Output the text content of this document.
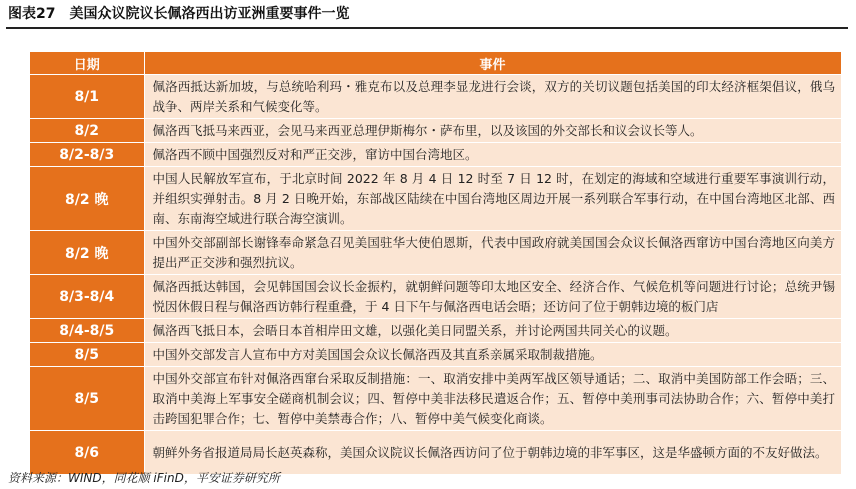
图表27 美国众议院议长佩洛西出访亚洲重要事件一览
日期	事件
8/1	佩洛西抵达新加坡，与总统哈利玛・雅克布以及总理李显龙进行会谈，双方的关切议题包括美国的印太经济框架倡议，俄乌战争、两岸关系和气候变化等。
8/2	佩洛西飞抵马来西亚，会见马来西亚总理伊斯梅尔・萨布里，以及该国的外交部长和议会议长等人。
8/2-8/3	佩洛西不顾中国强烈反对和严正交涉，窜访中国台湾地区。
8/2 晚	中国人民解放军宣布，于北京时间 2022 年 8 月 4 日 12 时至 7 日 12 时，在划定的海域和空域进行重要军事演训行动，并组织实弹射击。8 月 2 日晚开始，东部战区陆续在中国台湾地区周边开展一系列联合军事行动，在中国台湾地区北部、西南、东南海空域进行联合海空演训。
8/2 晚	中国外交部副部长谢锋奉命紧急召见美国驻华大使伯恩斯，代表中国政府就美国国会众议长佩洛西窜访中国台湾地区向美方提出严正交涉和强烈抗议。
8/3-8/4	佩洛西抵达韩国，会见韩国国会议长金振杓，就朝鲜问题等印太地区安全、经济合作、气候危机等问题进行讨论；总统尹锡悦因休假日程与佩洛西访韩行程重叠，于 4 日下午与佩洛西电话会晤；还访问了位于朝韩边境的板门店
8/4-8/5	佩洛西飞抵日本，会晤日本首相岸田文雄，以强化美日同盟关系，并讨论两国共同关心的议题。
8/5	中国外交部发言人宣布中方对美国国会众议长佩洛西及其直系亲属采取制裁措施。
8/5	中国外交部宣布针对佩洛西窜台采取反制措施：一、取消安排中美两军战区领导通话；二、取消中美国防部工作会晤；三、取消中美海上军事安全磋商机制会议；四、暂停中美非法移民遣返合作；五、暂停中美刑事司法协助合作；六、暂停中美打击跨国犯罪合作；七、暂停中美禁毒合作；八、暂停中美气候变化商谈。
8/6	朝鲜外务省报道局局长赵英森称，美国众议院议长佩洛西访问了位于朝韩边境的非军事区，这是华盛顿方面的不友好做法。
资料来源：WIND，同花顺 iFinD，平安证券研究所
